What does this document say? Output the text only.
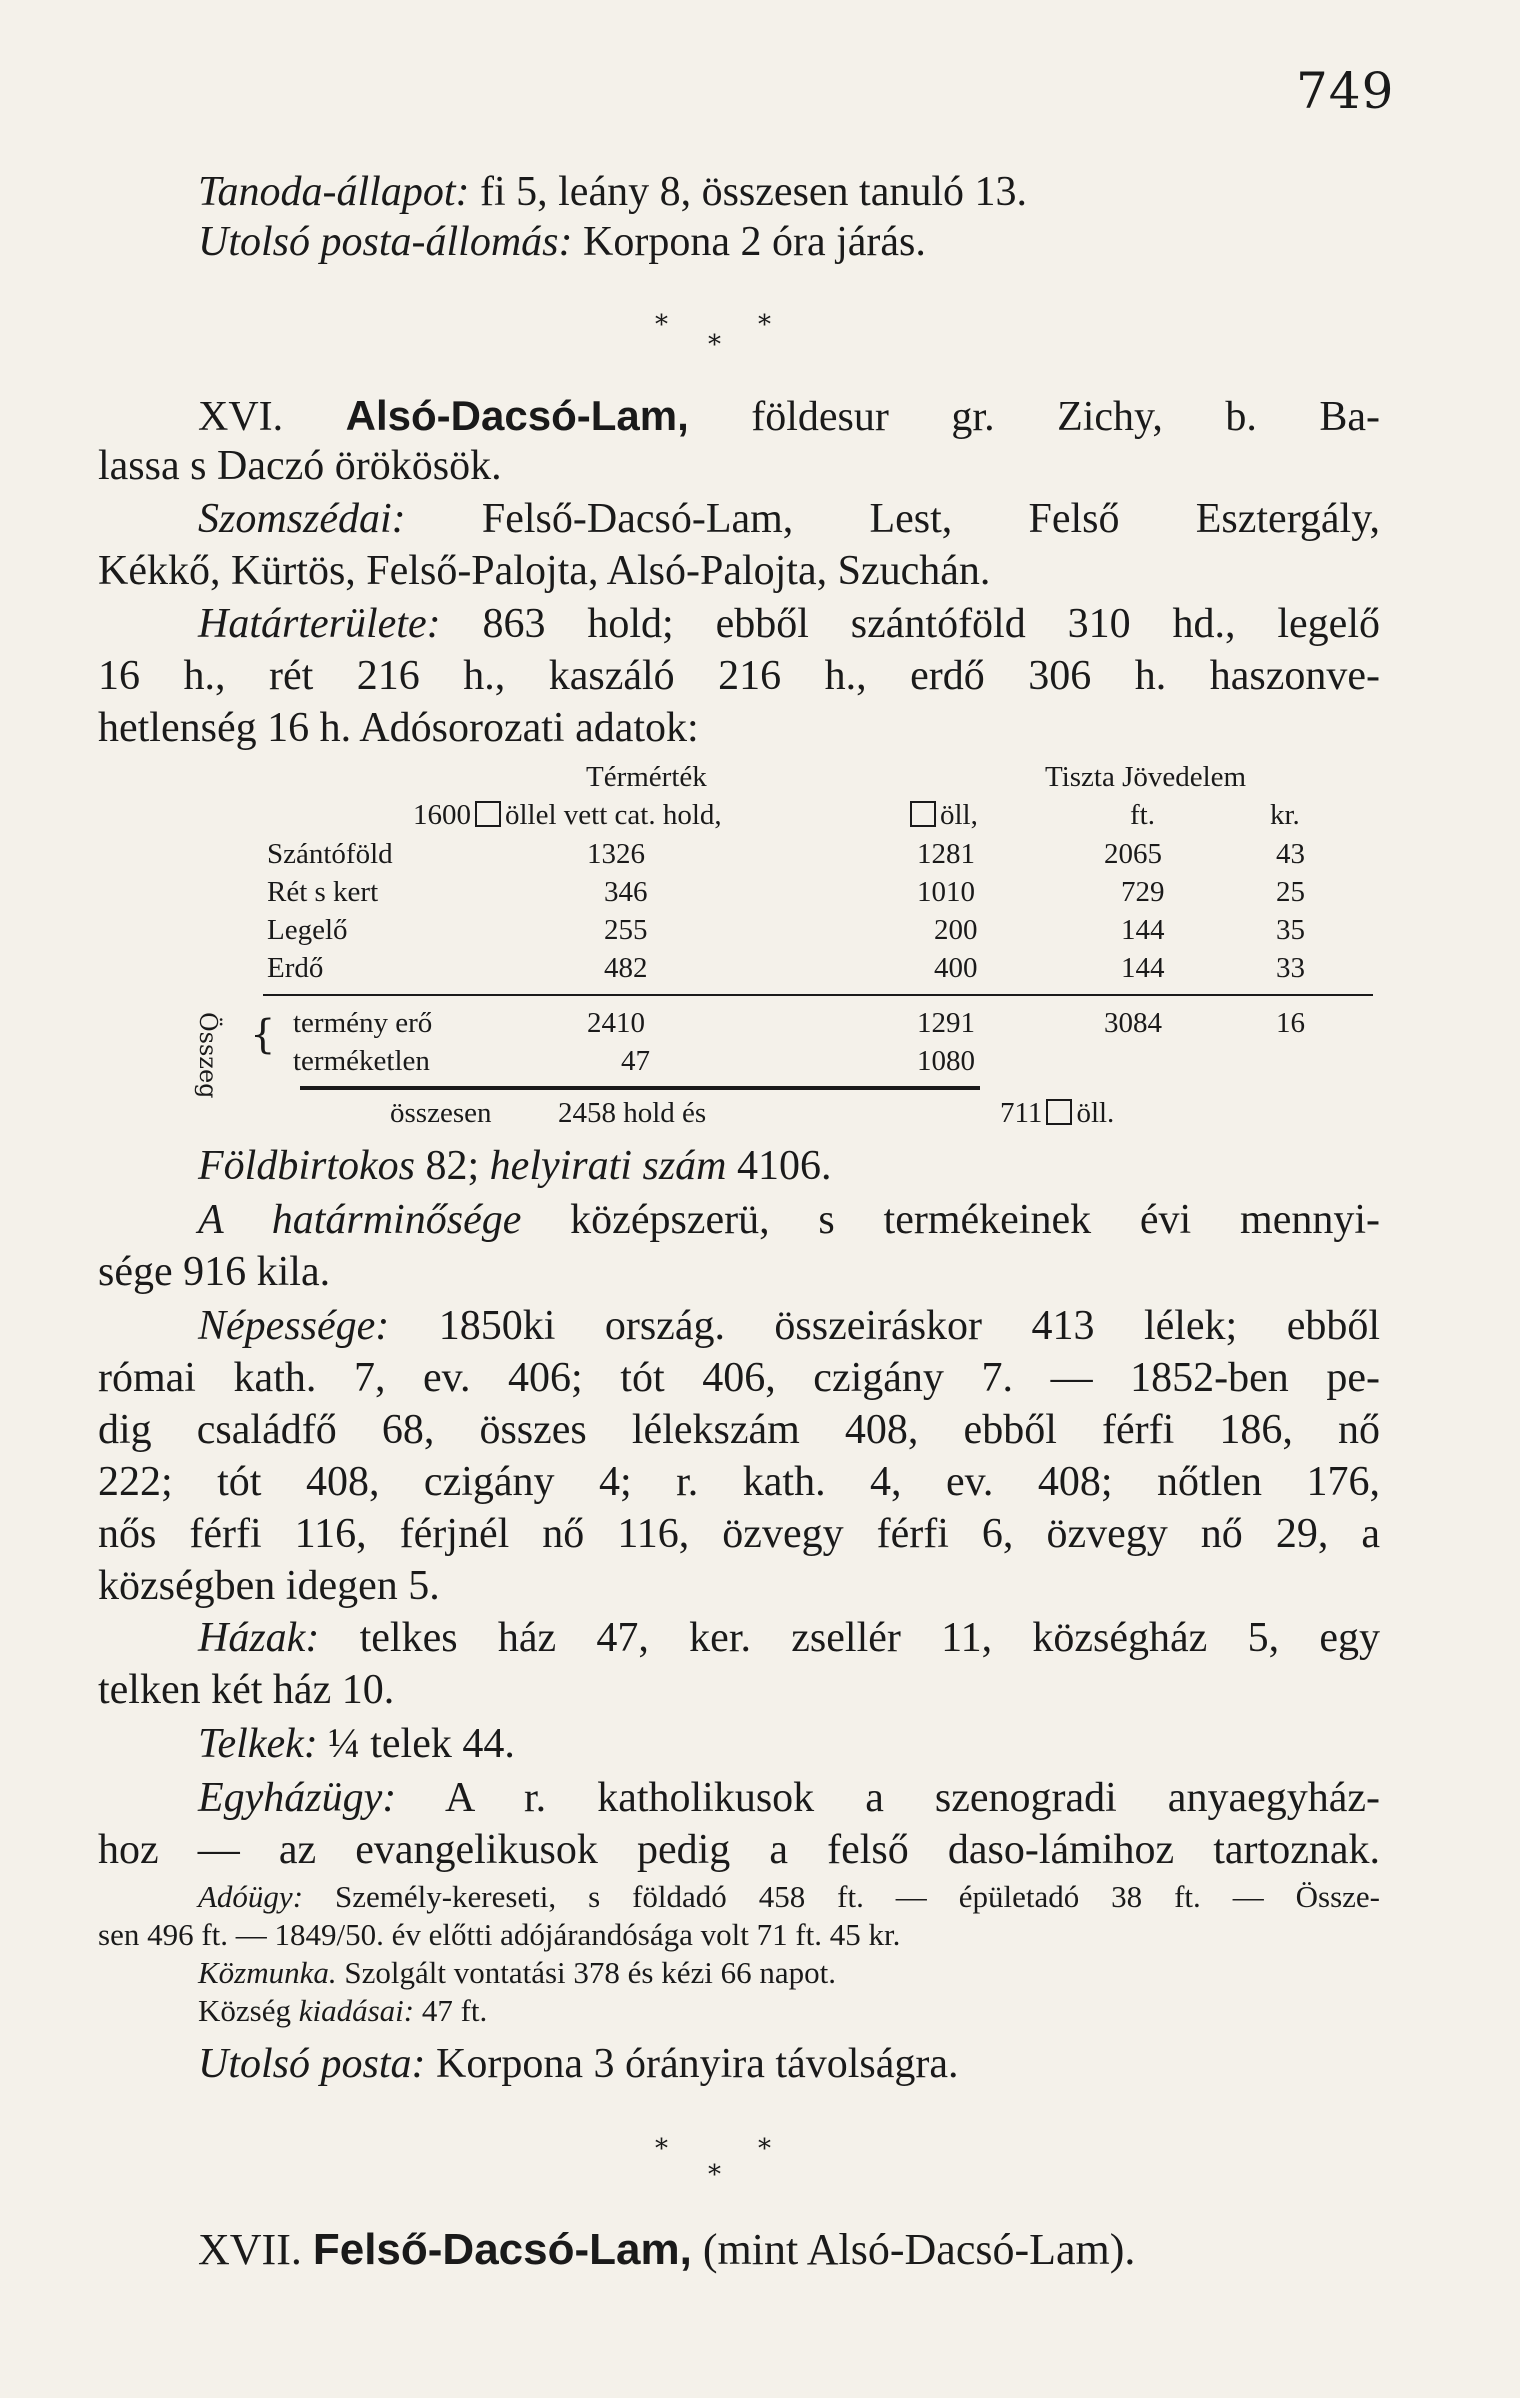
749
Tanoda-állapot: fi 5, leány 8, összesen tanuló 13.
Utolsó posta-állomás: Korpona 2 óra járás.
*
*
*
XVI. Alsó-Dacsó-Lam, földesur gr. Zichy, b. Ba-
lassa s Daczó örökösök.
Szomszédai: Felső-Dacsó-Lam, Lest, Felső Esztergály,
Kékkő, Kürtös, Felső-Palojta, Alsó-Palojta, Szuchán.
Határterülete: 863 hold; ebből szántóföld 310 hd., legelő
16 h., rét 216 h., kaszáló 216 h., erdő 306 h. haszonve-
hetlenség 16 h. Adósorozati adatok:
Térmérték	Tiszta Jövedelem
1600 öllel vett cat. hold,	öll,	ft.	kr.
Szántóföld	1326	1281	2065	43
Rét s kert	346	1010	729	25
Legelő	255	200	144	35
Erdő	482	400	144	33
Összeg { termény erő	2410	1291	3084	16
terméketlen	47	1080
összesen 2458 hold és	711 öll.
Földbirtokos 82; helyirati szám 4106.
A határminősége középszerü, s termékeinek évi mennyi-
sége 916 kila.
Népessége: 1850ki ország. összeiráskor 413 lélek; ebből
római kath. 7, ev. 406; tót 406, czigány 7. — 1852-ben pe-
dig családfő 68, összes lélekszám 408, ebből férfi 186, nő
222; tót 408, czigány 4; r. kath. 4, ev. 408; nőtlen 176,
nős férfi 116, férjnél nő 116, özvegy férfi 6, özvegy nő 29, a
községben idegen 5.
Házak: telkes ház 47, ker. zsellér 11, községház 5, egy
telken két ház 10.
Telkek: ¼ telek 44.
Egyházügy: A r. katholikusok a szenogradi anyaegyház-
hoz — az evangelikusok pedig a felső daso-lámihoz tartoznak.
Adóügy: Személy-kereseti, s földadó 458 ft. — épületadó 38 ft. — Össze-
sen 496 ft. — 1849/50. év előtti adójárandósága volt 71 ft. 45 kr.
Közmunka. Szolgált vontatási 378 és kézi 66 napot.
Község kiadásai: 47 ft.
Utolsó posta: Korpona 3 órányira távolságra.
*	*
*
XVII. Felső-Dacsó-Lam, (mint Alsó-Dacsó-Lam).
